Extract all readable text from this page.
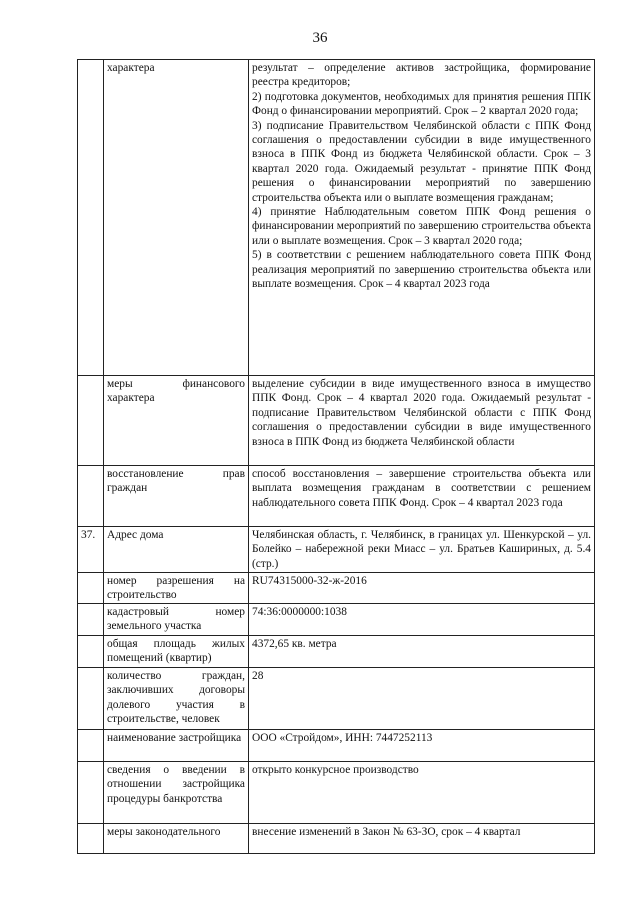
36
	характера	результат – определение активов застройщика, формирование реестра кредиторов;
2) подготовка документов, необходимых для принятия решения ППК Фонд о финансировании мероприятий. Срок – 2 квартал 2020 года;
3) подписание Правительством Челябинской области с ППК Фонд соглашения о предоставлении субсидии в виде имущественного взноса в ППК Фонд из бюджета Челябинской области. Срок – 3 квартал 2020 года. Ожидаемый результат - принятие ППК Фонд решения о финансировании мероприятий по завершению строительства объекта или о выплате возмещения гражданам;
4) принятие Наблюдательным советом ППК Фонд решения о финансировании мероприятий по завершению строительства объекта или о выплате возмещения. Срок – 3 квартал 2020 года;
5) в соответствии с решением наблюдательного совета ППК Фонд реализация мероприятий по завершению строительства объекта или выплате возмещения. Срок – 4 квартал 2023 года

	меры финансового характера	выделение субсидии в виде имущественного взноса в имущество ППК Фонд. Срок – 4 квартал 2020 года. Ожидаемый результат - подписание Правительством Челябинской области с ППК Фонд соглашения о предоставлении субсидии в виде имущественного взноса в ППК Фонд из бюджета Челябинской области

	восстановление прав граждан	способ восстановления – завершение строительства объекта или выплата возмещения гражданам в соответствии с решением наблюдательного совета ППК Фонд. Срок – 4 квартал 2023 года

37.	Адрес дома	Челябинская область, г. Челябинск, в границах ул. Шенкурской – ул. Болейко – набережной реки Миасс – ул. Братьев Кашириных, д. 5.4 (стр.)

	номер разрешения на строительство	RU74315000-32-ж-2016

	кадастровый номер земельного участка	74:36:0000000:1038

	общая площадь жилых помещений (квартир)	4372,65 кв. метра

	количество граждан, заключивших договоры долевого участия в строительстве, человек	28

	наименование застройщика	ООО «Стройдом», ИНН: 7447252113

	сведения о введении в отношении застройщика процедуры банкротства	открыто конкурсное производство

	меры законодательного	внесение изменений в Закон № 63-ЗО, срок – 4 квартал
